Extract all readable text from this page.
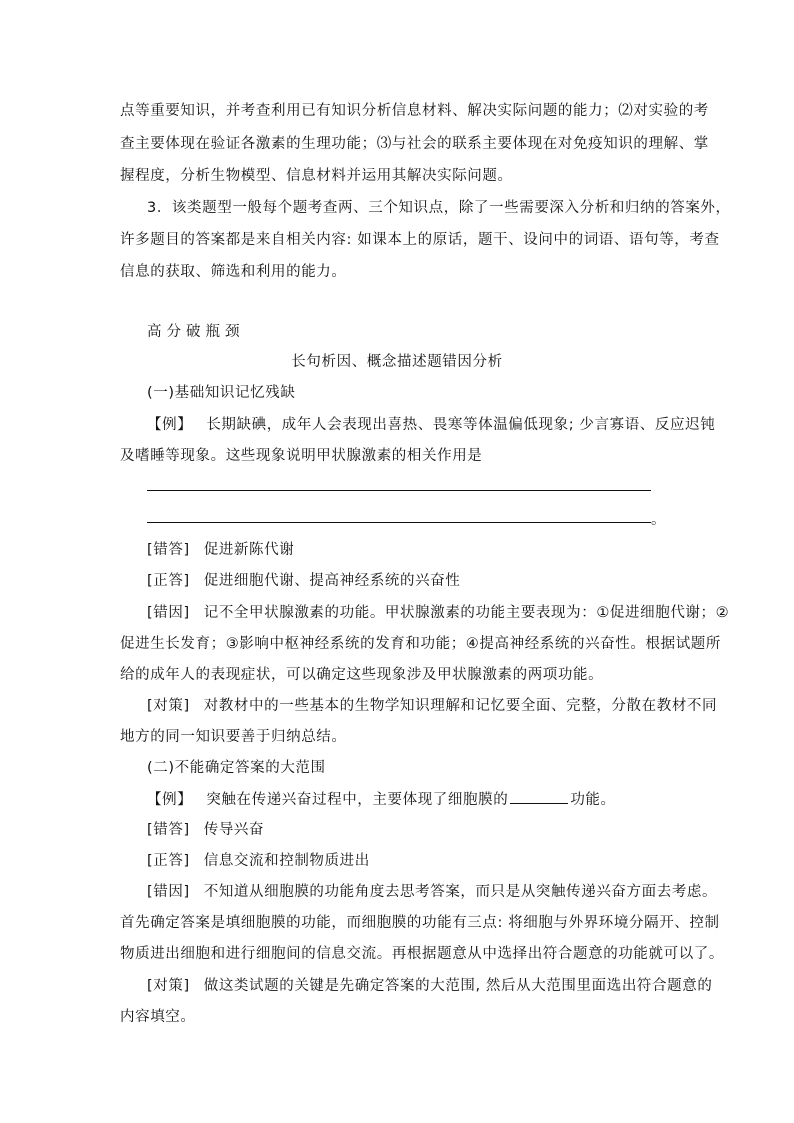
点等重要知识，并考查利用已有知识分析信息材料、解决实际问题的能力；⑵对实验的考
查主要体现在验证各激素的生理功能；⑶与社会的联系主要体现在对免疫知识的理解、掌
握程度，分析生物模型、信息材料并运用其解决实际问题。
3．该类题型一般每个题考查两、三个知识点，除了一些需要深入分析和归纳的答案外，
许多题目的答案都是来自相关内容: 如课本上的原话，题干、设问中的词语、语句等，考查
信息的获取、筛选和利用的能力。
高分破瓶颈
长句析因、概念描述题错因分析
(一)基础知识记忆残缺
【例】 长期缺碘，成年人会表现出喜热、畏寒等体温偏低现象; 少言寡语、反应迟钝
及嗜睡等现象。这些现象说明甲状腺激素的相关作用是
。
[错答] 促进新陈代谢
[正答] 促进细胞代谢、提高神经系统的兴奋性
[错因] 记不全甲状腺激素的功能。甲状腺激素的功能主要表现为：①促进细胞代谢；②
促进生长发育；③影响中枢神经系统的发育和功能；④提高神经系统的兴奋性。根据试题所
给的成年人的表现症状，可以确定这些现象涉及甲状腺激素的两项功能。
[对策] 对教材中的一些基本的生物学知识理解和记忆要全面、完整，分散在教材不同
地方的同一知识要善于归纳总结。
(二)不能确定答案的大范围
【例】 突触在传递兴奋过程中，主要体现了细胞膜的	功能。
[错答] 传导兴奋
[正答] 信息交流和控制物质进出
[错因] 不知道从细胞膜的功能角度去思考答案，而只是从突触传递兴奋方面去考虑。
首先确定答案是填细胞膜的功能，而细胞膜的功能有三点: 将细胞与外界环境分隔开、控制
物质进出细胞和进行细胞间的信息交流。再根据题意从中选择出符合题意的功能就可以了。
[对策] 做这类试题的关键是先确定答案的大范围, 然后从大范围里面选出符合题意的
内容填空。
